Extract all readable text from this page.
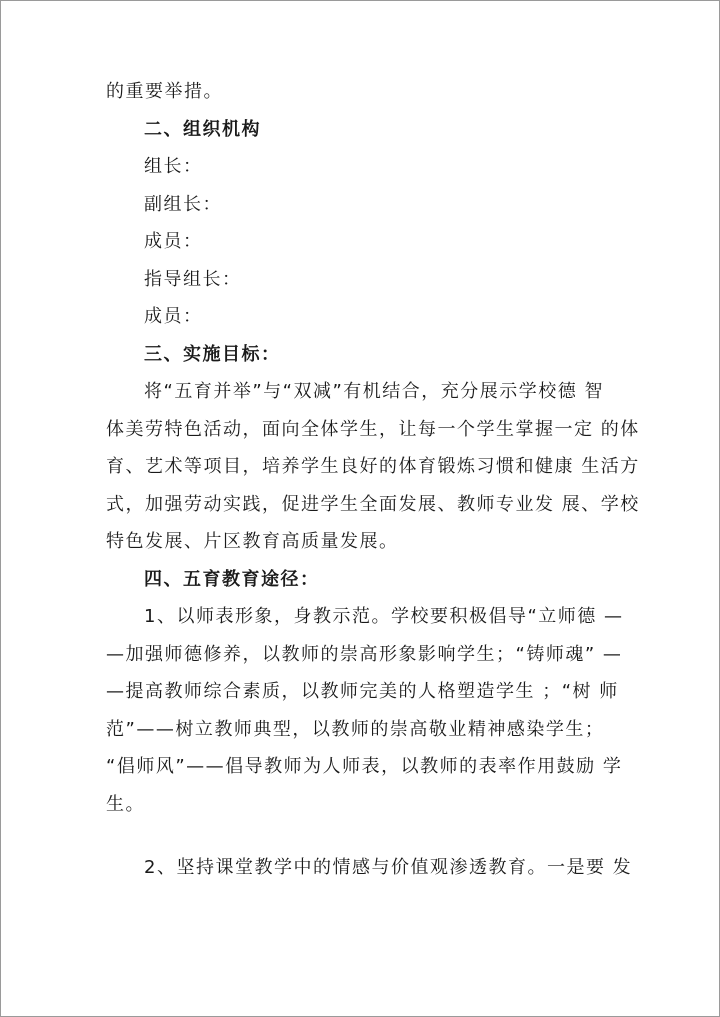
的重要举措。
二、组织机构
组长：
副组长：
成员：
指导组长：
成员：
三、实施目标：
将“五育并举”与“双减”有机结合，充分展示学校德 智
体美劳特色活动，面向全体学生，让每一个学生掌握一定 的体
育、艺术等项目，培养学生良好的体育锻炼习惯和健康 生活方
式，加强劳动实践，促进学生全面发展、教师专业发 展、学校
特色发展、片区教育高质量发展。
四、五育教育途径：
1、以师表形象，身教示范。学校要积极倡导“立师德 —
—加强师德修养，以教师的崇高形象影响学生；“铸师魂” —
—提高教师综合素质，以教师完美的人格塑造学生 ；“树 师
范”——树立教师典型，以教师的崇高敬业精神感染学生；
“倡师风”——倡导教师为人师表，以教师的表率作用鼓励 学
生。
2、坚持课堂教学中的情感与价值观渗透教育。一是要 发
